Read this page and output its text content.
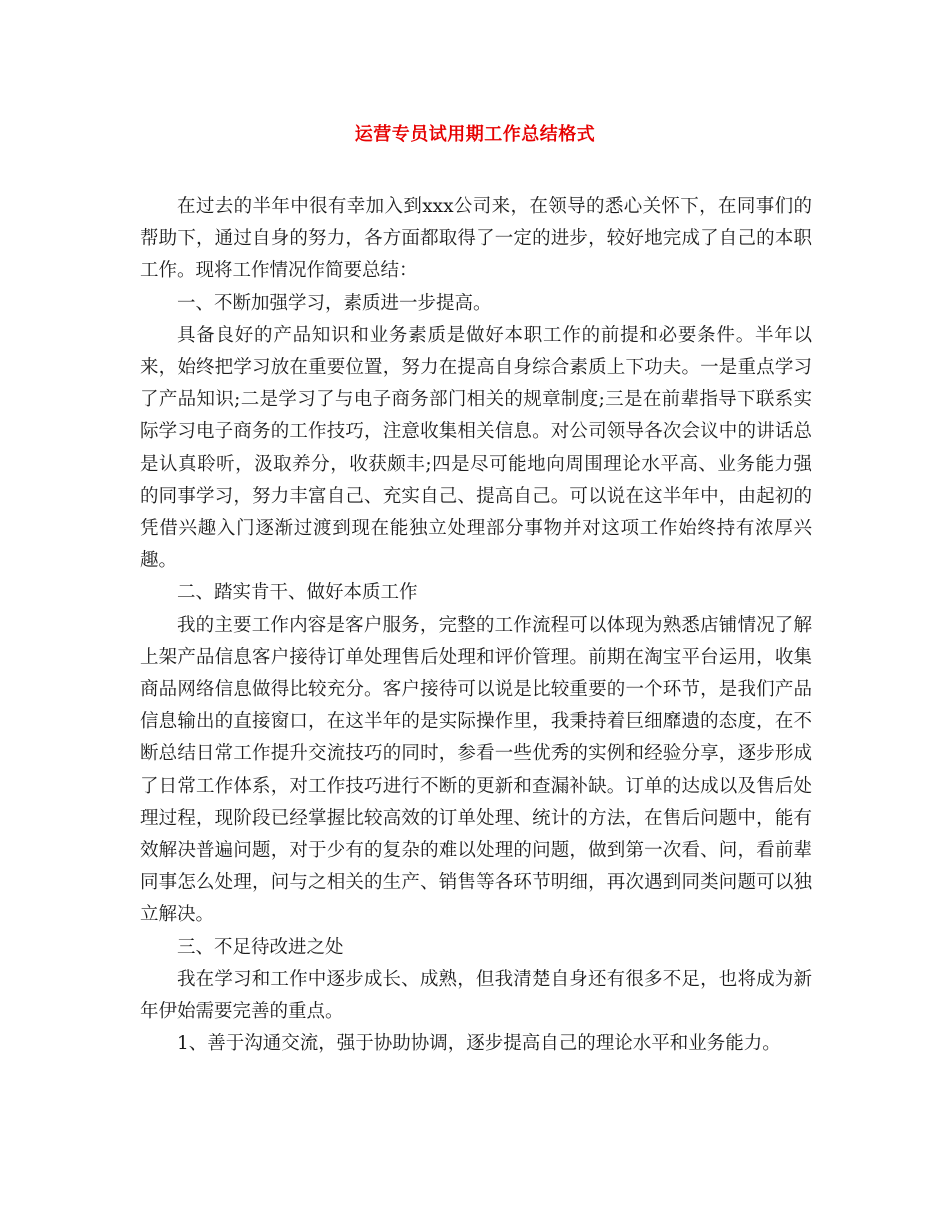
运营专员试用期工作总结格式

在过去的半年中很有幸加入到xxx公司来，在领导的悉心关怀下，在同事们的帮助下，通过自身的努力，各方面都取得了一定的进步，较好地完成了自己的本职工作。现将工作情况作简要总结：

一、不断加强学习，素质进一步提高。

具备良好的产品知识和业务素质是做好本职工作的前提和必要条件。半年以来，始终把学习放在重要位置，努力在提高自身综合素质上下功夫。一是重点学习了产品知识;二是学习了与电子商务部门相关的规章制度;三是在前辈指导下联系实际学习电子商务的工作技巧，注意收集相关信息。对公司领导各次会议中的讲话总是认真聆听，汲取养分，收获颇丰;四是尽可能地向周围理论水平高、业务能力强的同事学习，努力丰富自己、充实自己、提高自己。可以说在这半年中，由起初的凭借兴趣入门逐渐过渡到现在能独立处理部分事物并对这项工作始终持有浓厚兴趣。

二、踏实肯干、做好本质工作

我的主要工作内容是客户服务，完整的工作流程可以体现为熟悉店铺情况了解上架产品信息客户接待订单处理售后处理和评价管理。前期在淘宝平台运用，收集商品网络信息做得比较充分。客户接待可以说是比较重要的一个环节，是我们产品信息输出的直接窗口，在这半年的是实际操作里，我秉持着巨细靡遗的态度，在不断总结日常工作提升交流技巧的同时，参看一些优秀的实例和经验分享，逐步形成了日常工作体系，对工作技巧进行不断的更新和查漏补缺。订单的达成以及售后处理过程，现阶段已经掌握比较高效的订单处理、统计的方法，在售后问题中，能有效解决普遍问题，对于少有的复杂的难以处理的问题，做到第一次看、问，看前辈同事怎么处理，问与之相关的生产、销售等各环节明细，再次遇到同类问题可以独立解决。

三、不足待改进之处

我在学习和工作中逐步成长、成熟，但我清楚自身还有很多不足，也将成为新年伊始需要完善的重点。

1、善于沟通交流，强于协助协调，逐步提高自己的理论水平和业务能力。
